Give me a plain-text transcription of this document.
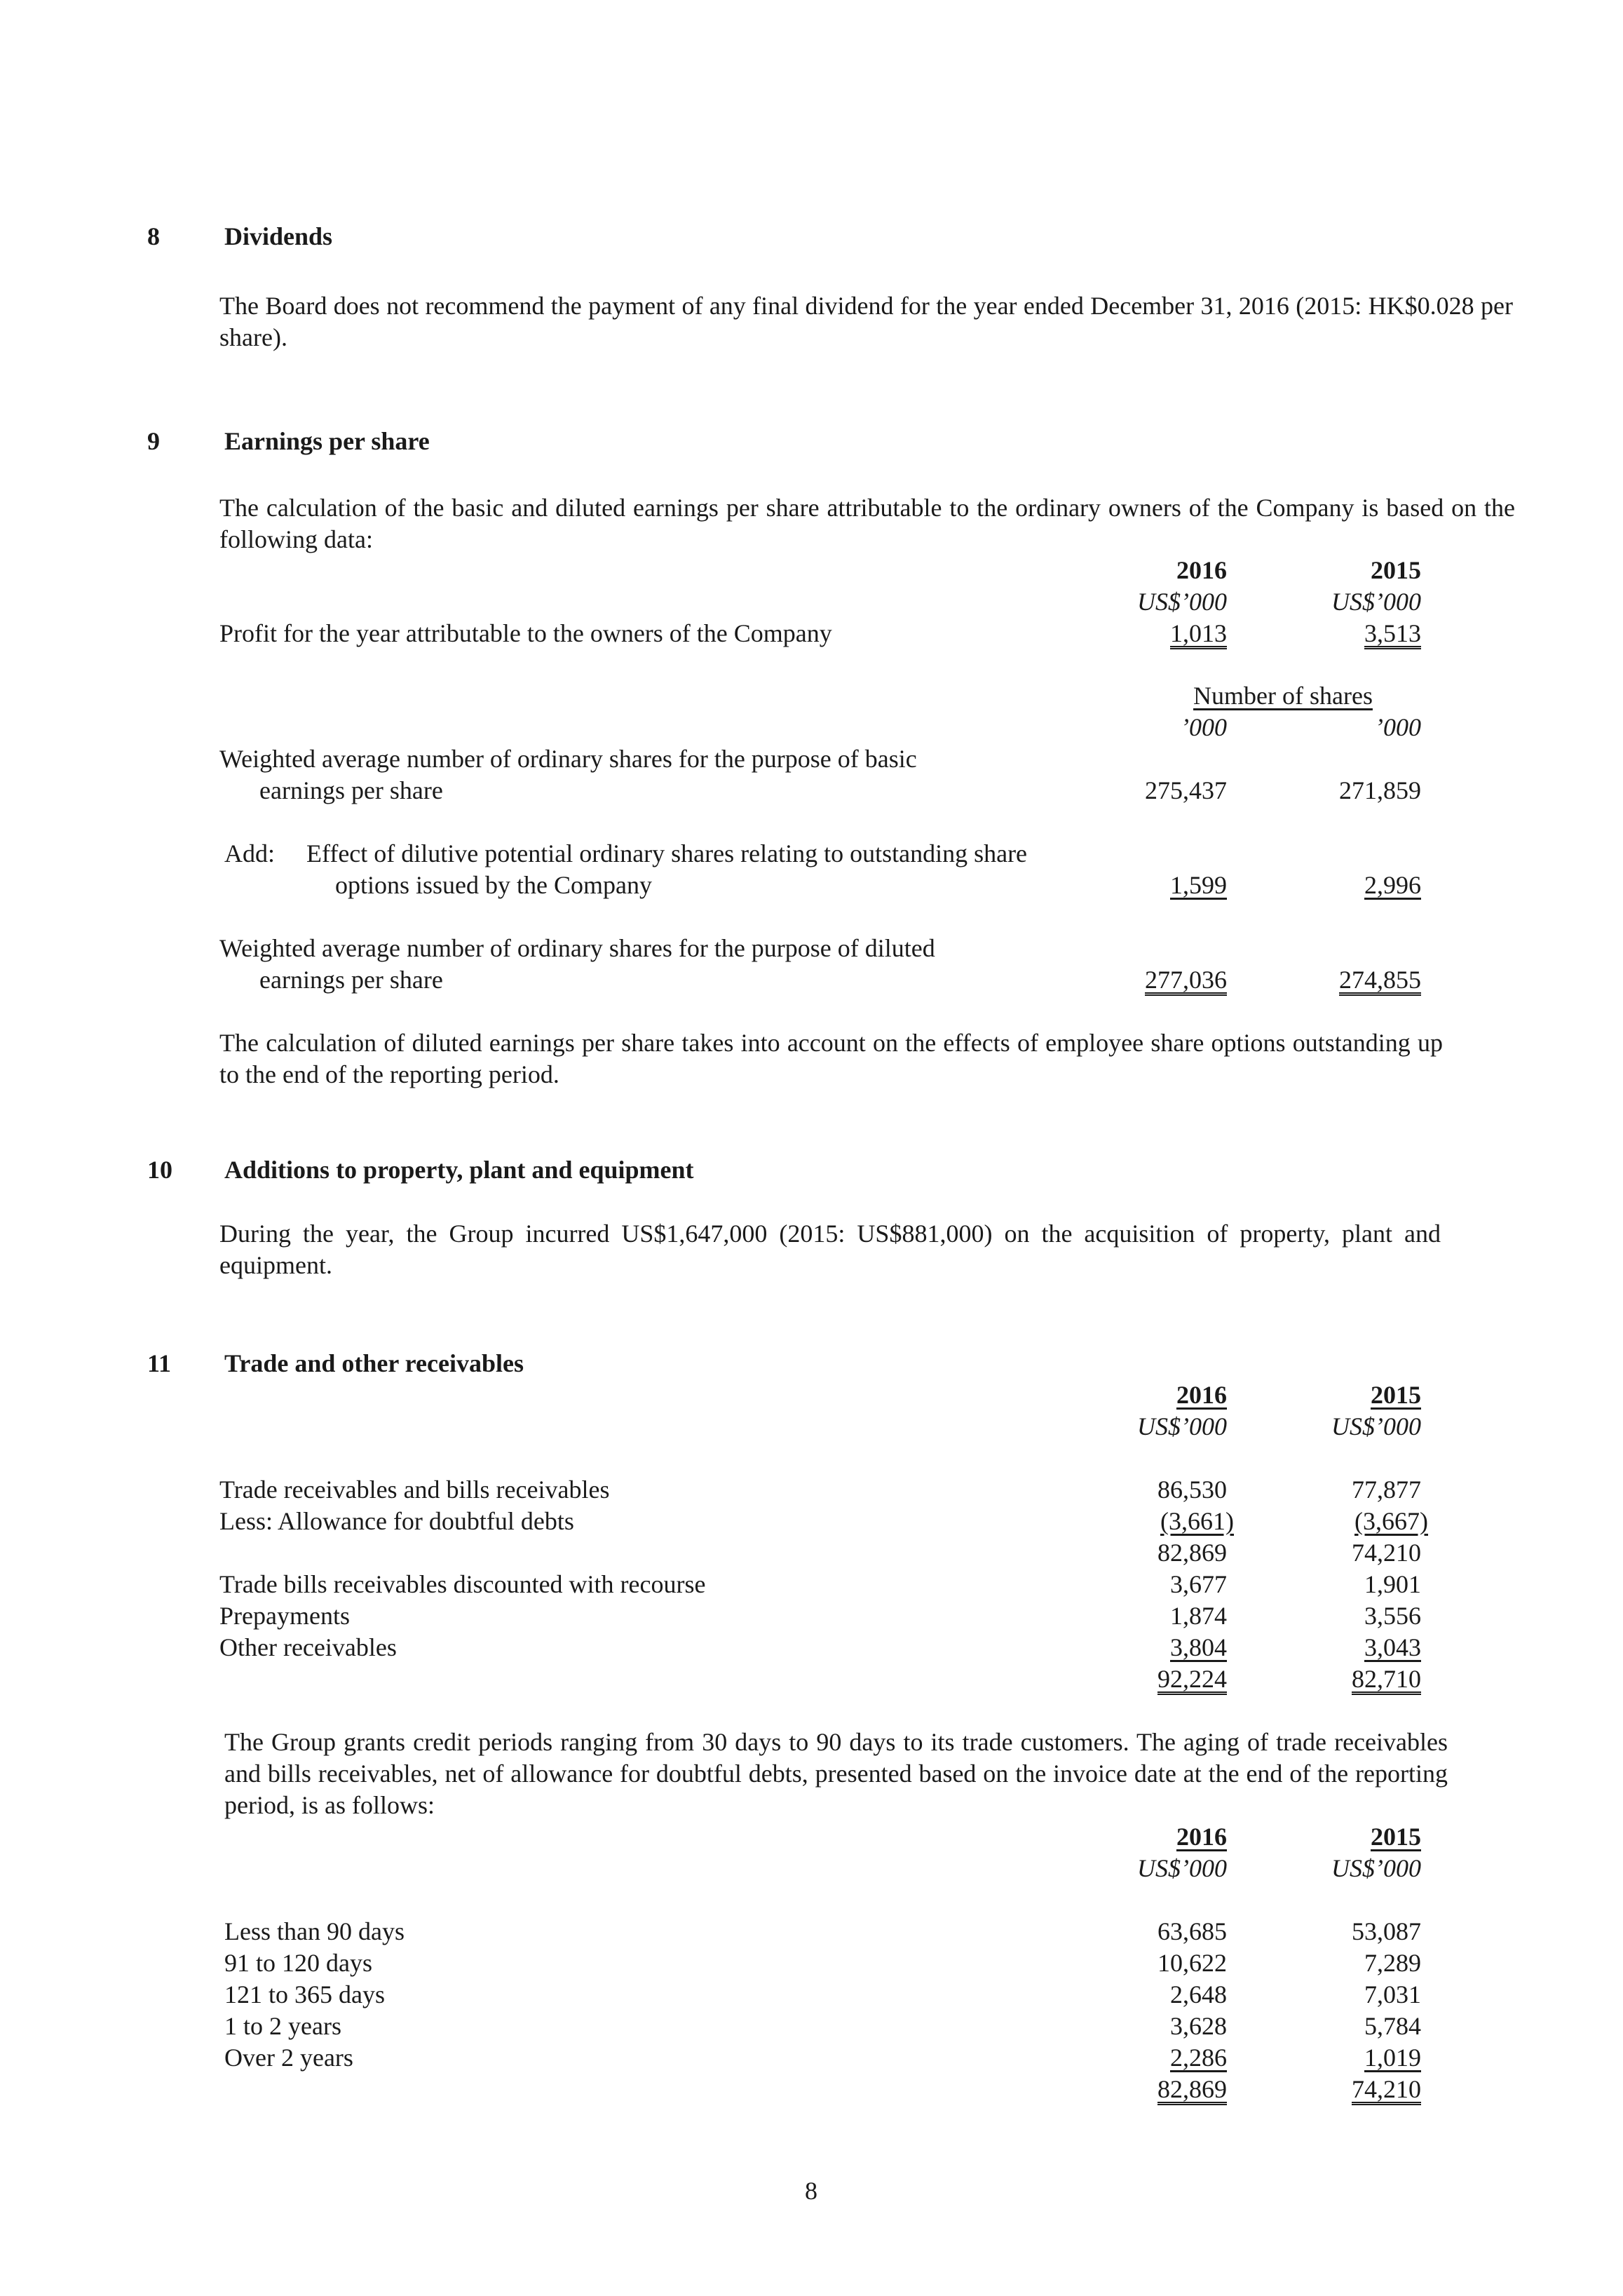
8	Dividends
The Board does not recommend the payment of any final dividend for the year ended December 31, 2016 (2015: HK$0.028 per share).
9	Earnings per share
The calculation of the basic and diluted earnings per share attributable to the ordinary owners of the Company is based on the following data:
2016	2015
US$’000	US$’000
Profit for the year attributable to the owners of the Company	1,013	3,513
Number of shares
’000	’000
Weighted average number of ordinary shares for the purpose of basic
earnings per share	275,437	271,859
Add: Effect of dilutive potential ordinary shares relating to outstanding share
options issued by the Company	1,599	2,996
Weighted average number of ordinary shares for the purpose of diluted
earnings per share	277,036	274,855
The calculation of diluted earnings per share takes into account on the effects of employee share options outstanding up to the end of the reporting period.
10 Additions to property, plant and equipment
During the year, the Group incurred US$1,647,000 (2015: US$881,000) on the acquisition of property, plant and equipment.
11 Trade and other receivables
2016	2015
US$’000	US$’000
Trade receivables and bills receivables	86,530	77,877
Less: Allowance for doubtful debts	(3,661)	(3,667)
82,869	74,210
Trade bills receivables discounted with recourse	3,677	1,901
Prepayments	1,874	3,556
Other receivables	3,804	3,043
92,224	82,710
The Group grants credit periods ranging from 30 days to 90 days to its trade customers. The aging of trade receivables and bills receivables, net of allowance for doubtful debts, presented based on the invoice date at the end of the reporting period, is as follows:
2016	2015
US$’000	US$’000
Less than 90 days	63,685	53,087
91 to 120 days	10,622	7,289
121 to 365 days	2,648	7,031
1 to 2 years	3,628	5,784
Over 2 years	2,286	1,019
82,869	74,210
8
